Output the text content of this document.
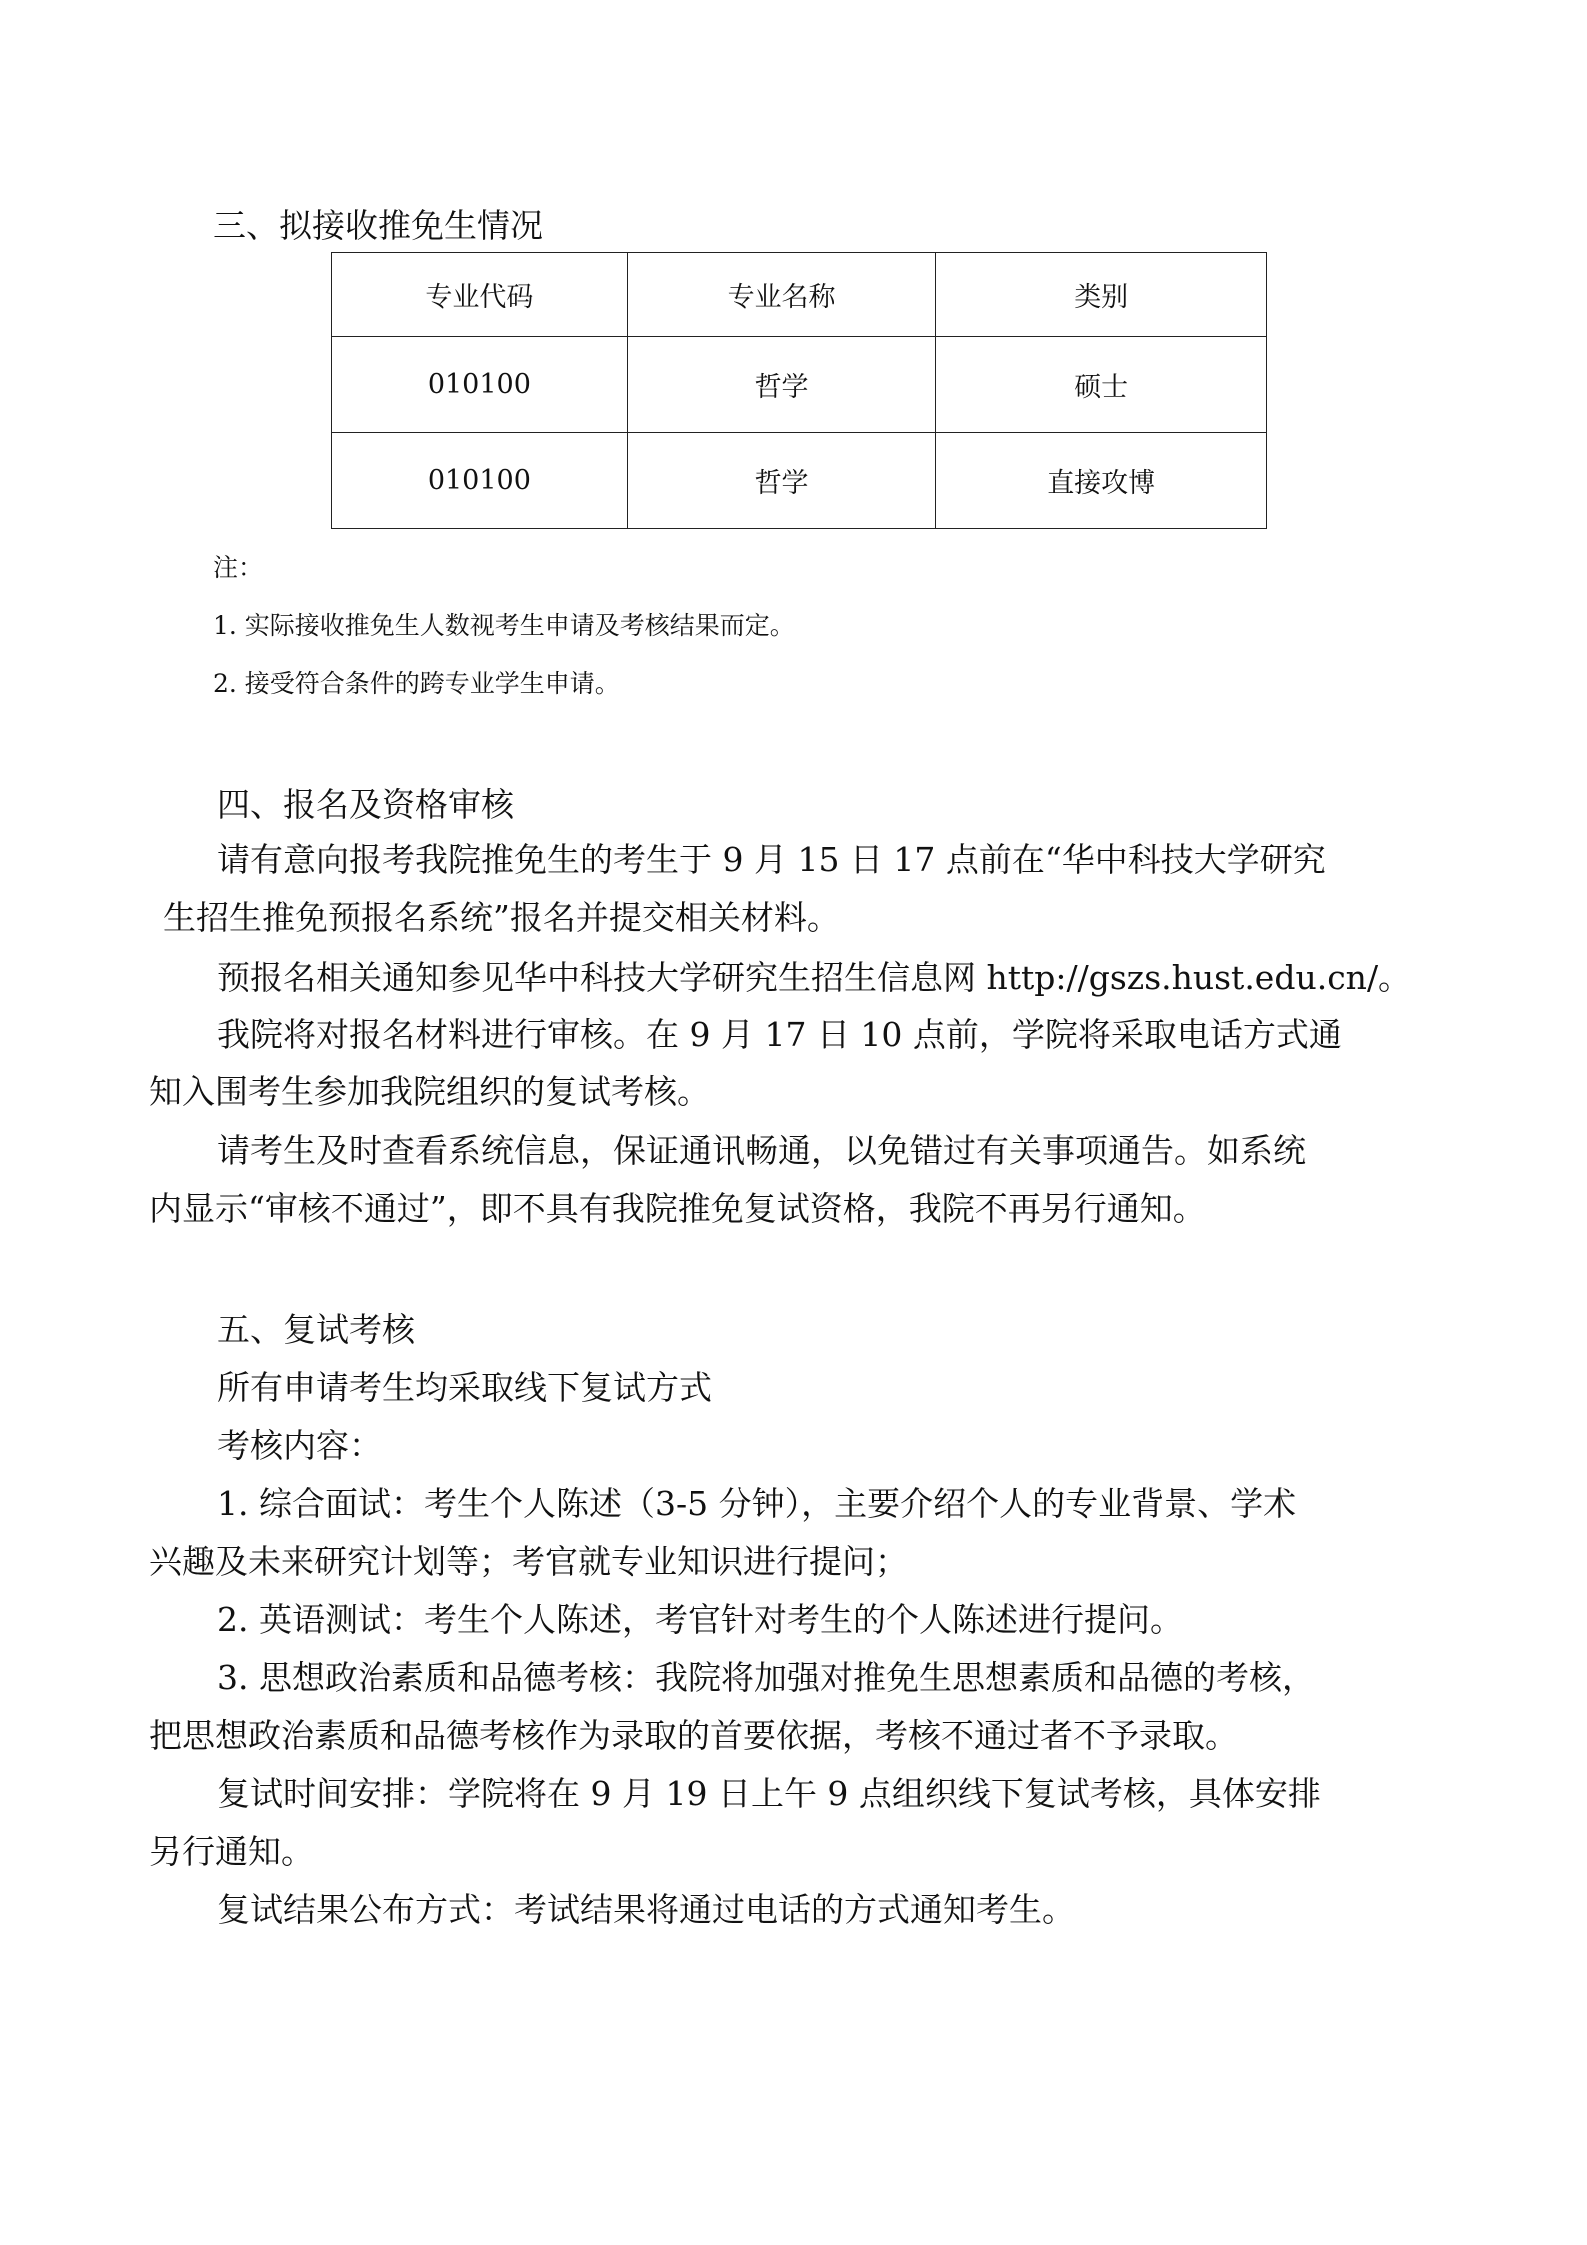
三、拟接收推免生情况
专业代码	专业名称	类别
010100	哲学	硕士
010100	哲学	直接攻博
注：
1. 实际接收推免生人数视考生申请及考核结果而定。
2. 接受符合条件的跨专业学生申请。
四、报名及资格审核
请有意向报考我院推免生的考生于 9 月 15 日 17 点前在“华中科技大学研究
生招生推免预报名系统”报名并提交相关材料。
预报名相关通知参见华中科技大学研究生招生信息网 http://gszs.hust.edu.cn/。
我院将对报名材料进行审核。在 9 月 17 日 10 点前，学院将采取电话方式通
知入围考生参加我院组织的复试考核。
请考生及时查看系统信息，保证通讯畅通，以免错过有关事项通告。如系统
内显示“审核不通过”，即不具有我院推免复试资格，我院不再另行通知。
五、复试考核
所有申请考生均采取线下复试方式
考核内容：
1. 综合面试：考生个人陈述（3-5 分钟），主要介绍个人的专业背景、学术
兴趣及未来研究计划等；考官就专业知识进行提问；
2. 英语测试：考生个人陈述，考官针对考生的个人陈述进行提问。
3. 思想政治素质和品德考核：我院将加强对推免生思想素质和品德的考核，
把思想政治素质和品德考核作为录取的首要依据，考核不通过者不予录取。
复试时间安排：学院将在 9 月 19 日上午 9 点组织线下复试考核，具体安排
另行通知。
复试结果公布方式：考试结果将通过电话的方式通知考生。
